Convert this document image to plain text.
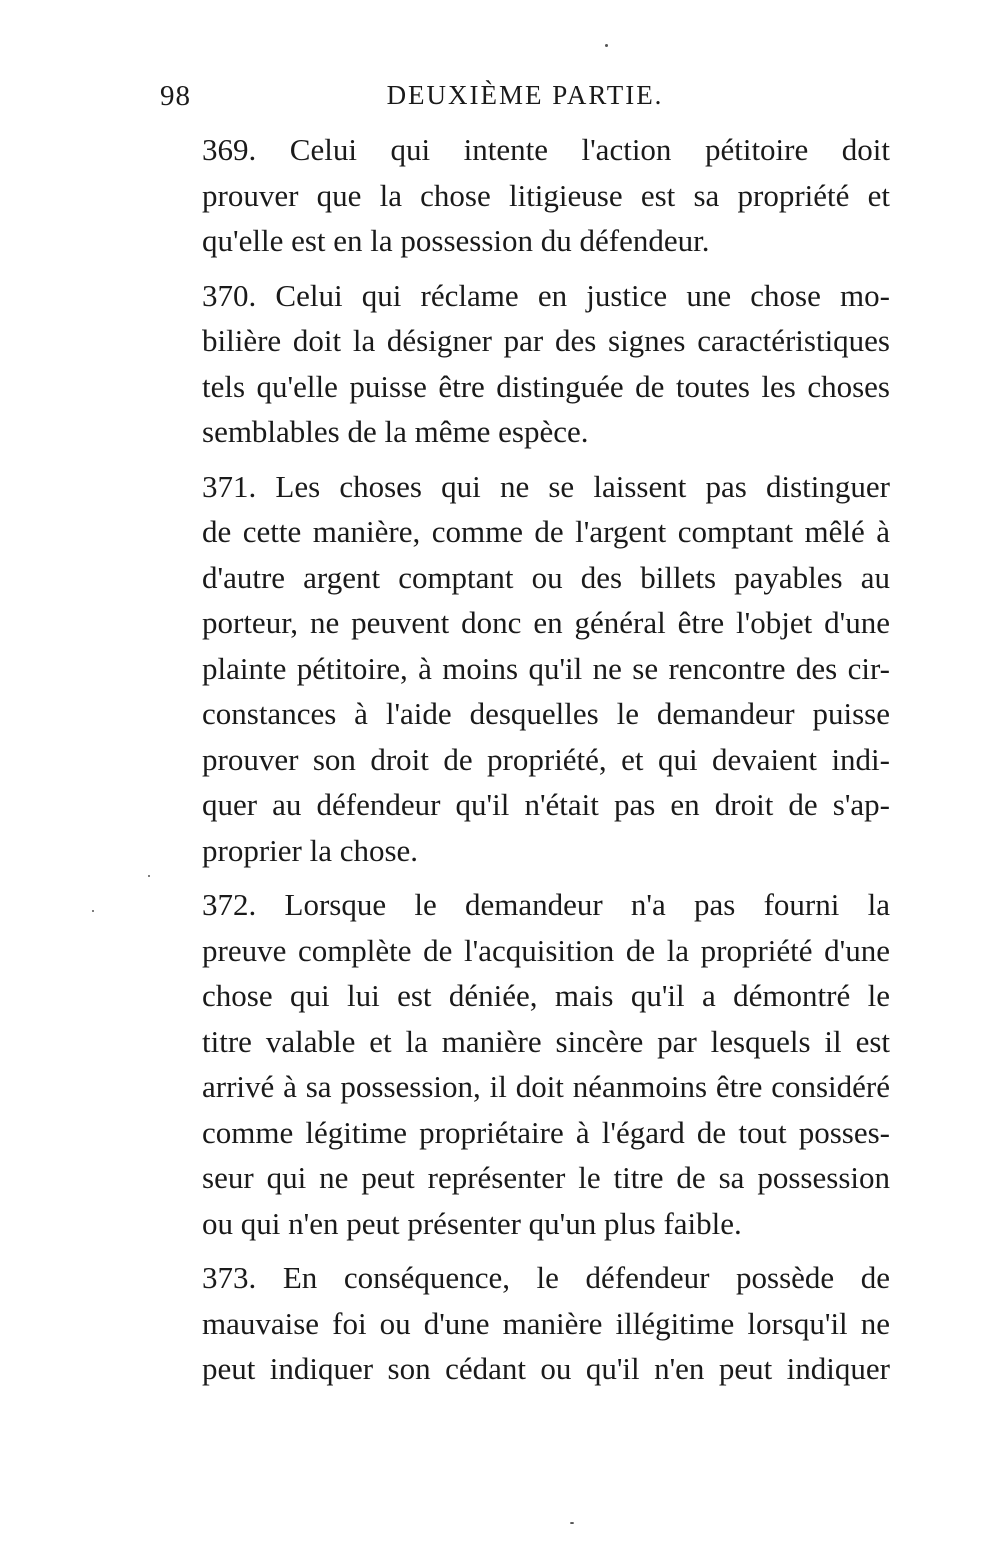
98	DEUXIÈME PARTIE.
369. Celui qui intente l'action pétitoire doit
prouver que la chose litigieuse est sa propriété et
qu'elle est en la possession du défendeur.
370. Celui qui réclame en justice une chose mo-
bilière doit la désigner par des signes caractéristiques
tels qu'elle puisse être distinguée de toutes les choses
semblables de la même espèce.
371. Les choses qui ne se laissent pas distinguer
de cette manière, comme de l'argent comptant mêlé à
d'autre argent comptant ou des billets payables au
porteur, ne peuvent donc en général être l'objet d'une
plainte pétitoire, à moins qu'il ne se rencontre des cir-
constances à l'aide desquelles le demandeur puisse
prouver son droit de propriété, et qui devaient indi-
quer au défendeur qu'il n'était pas en droit de s'ap-
proprier la chose.
372. Lorsque le demandeur n'a pas fourni la
preuve complète de l'acquisition de la propriété d'une
chose qui lui est déniée, mais qu'il a démontré le
titre valable et la manière sincère par lesquels il est
arrivé à sa possession, il doit néanmoins être considéré
comme légitime propriétaire à l'égard de tout posses-
seur qui ne peut représenter le titre de sa possession
ou qui n'en peut présenter qu'un plus faible.
373. En conséquence, le défendeur possède de
mauvaise foi ou d'une manière illégitime lorsqu'il ne
peut indiquer son cédant ou qu'il n'en peut indiquer
